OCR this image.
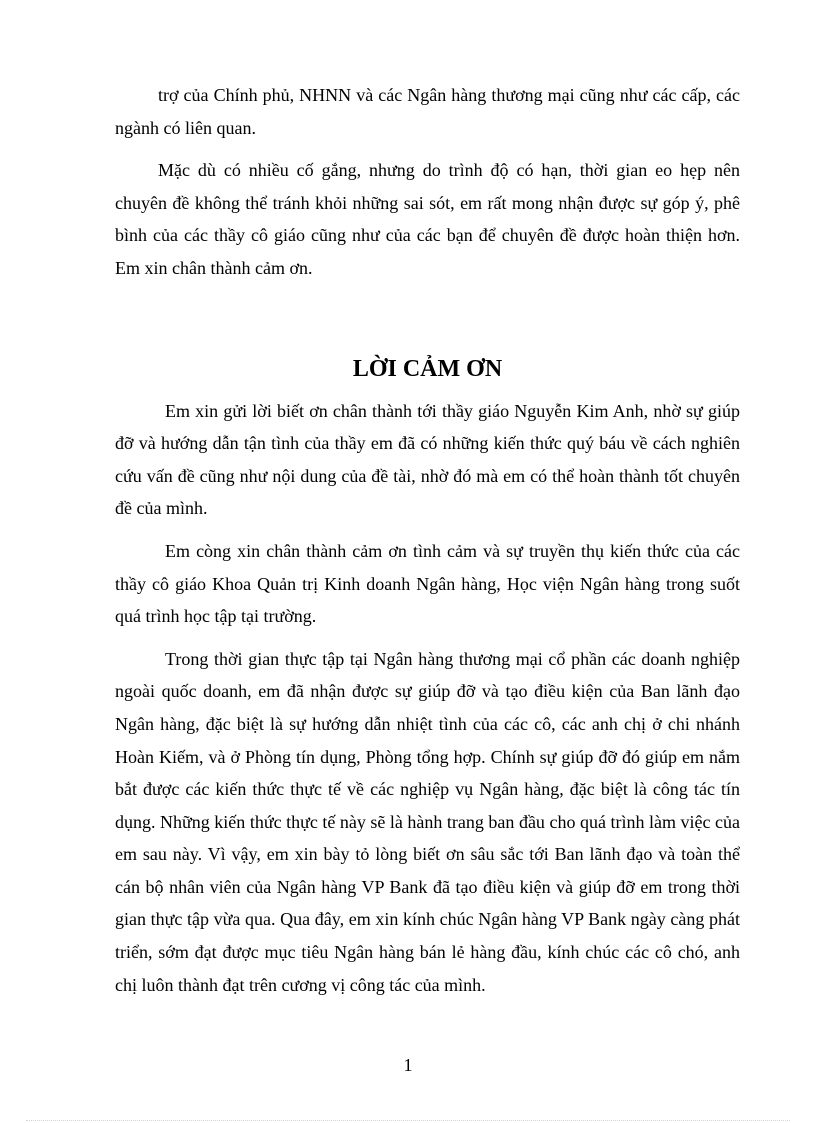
trợ của Chính phủ, NHNN và các Ngân hàng thương mại cũng như các cấp, các ngành có liên quan.

Mặc dù có nhiều cố gắng, nhưng do trình độ có hạn, thời gian eo hẹp nên chuyên đề không thể tránh khỏi những sai sót, em rất mong nhận được sự góp ý, phê bình của các thầy cô giáo cũng như của các bạn để chuyên đề được hoàn thiện hơn. Em xin chân thành cảm ơn.

LỜI CẢM ƠN

Em xin gửi lời biết ơn chân thành tới thầy giáo Nguyễn Kim Anh, nhờ sự giúp đỡ và hướng dẫn tận tình của thầy em đã có những kiến thức quý báu về cách nghiên cứu vấn đề cũng như nội dung của đề tài, nhờ đó mà em có thể hoàn thành tốt chuyên đề của mình.

Em còng xin chân thành cảm ơn tình cảm và sự truyền thụ kiến thức của các thầy cô giáo Khoa Quản trị Kinh doanh Ngân hàng, Học viện Ngân hàng trong suốt quá trình học tập tại trường.

Trong thời gian thực tập tại Ngân hàng thương mại cổ phần các doanh nghiệp ngoài quốc doanh, em đã nhận được sự giúp đỡ và tạo điều kiện của Ban lãnh đạo Ngân hàng, đặc biệt là sự hướng dẫn nhiệt tình của các cô, các anh chị ở chi nhánh Hoàn Kiếm, và ở Phòng tín dụng, Phòng tổng hợp. Chính sự giúp đỡ đó giúp em nắm bắt được các kiến thức thực tế về các nghiệp vụ Ngân hàng, đặc biệt là công tác tín dụng. Những kiến thức thực tế này sẽ là hành trang ban đầu cho quá trình làm việc của em sau này. Vì vậy, em xin bày tỏ lòng biết ơn sâu sắc tới Ban lãnh đạo và toàn thể cán bộ nhân viên của Ngân hàng VP Bank đã tạo điều kiện và giúp đỡ em trong thời gian thực tập vừa qua. Qua đây, em xin kính chúc Ngân hàng VP Bank ngày càng phát triển, sớm đạt được mục tiêu Ngân hàng bán lẻ hàng đầu, kính chúc các cô chó, anh chị luôn thành đạt trên cương vị công tác của mình.

1
